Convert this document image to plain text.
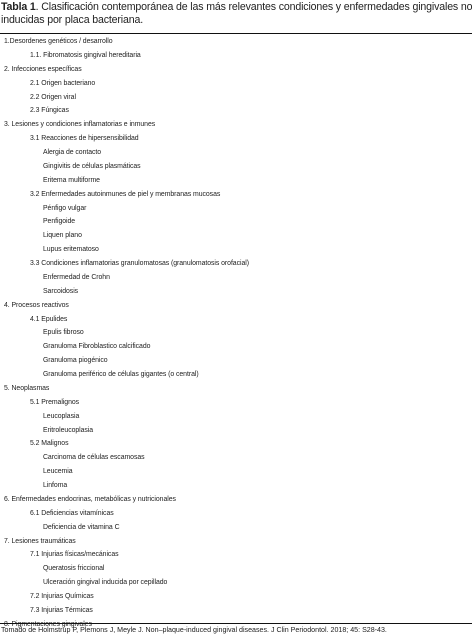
Tabla 1. Clasificación contemporánea de las más relevantes condiciones y enfermedades gingivales no
inducidas por placa bacteriana.
1.Desordenes genéticos / desarrollo
1.1. Fibromatosis gingival hereditaria
2. Infecciones específicas
2.1 Origen bacteriano
2.2 Origen viral
2.3 Fúngicas
3. Lesiones y condiciones inflamatorias e inmunes
3.1 Reacciones de hipersensibilidad
Alergia de contacto
Gingivitis de células plasmáticas
Eritema multiforme
3.2 Enfermedades autoinmunes de piel y membranas mucosas
Pénfigo vulgar
Penfigoide
Liquen plano
Lupus eritematoso
3.3 Condiciones inflamatorias granulomatosas (granulomatosis orofacial)
Enfermedad de Crohn
Sarcoidosis
4. Procesos reactivos
4.1 Epulides
Epulis fibroso
Granuloma Fibroblastico calcificado
Granuloma piogénico
Granuloma periférico de células gigantes (o central)
5. Neoplasmas
5.1 Premalignos
Leucoplasia
Eritroleucoplasia
5.2 Malignos
Carcinoma de células escamosas
Leucemia
Linfoma
6. Enfermedades endocrinas, metabólicas y nutricionales
6.1 Deficiencias vitamínicas
Deficiencia de vitamina C
7. Lesiones traumáticas
7.1 Injurias físicas/mecánicas
Queratosis friccional
Ulceración gingival inducida por cepillado
7.2 Injurias Químicas
7.3 Injurias Térmicas
8. Pigmentaciones gingivales
Tomado de Holmstrup P, Plemons J, Meyle J. Non–plaque-induced gingival diseases. J Clin Periodontol. 2018; 45: S28-43.
